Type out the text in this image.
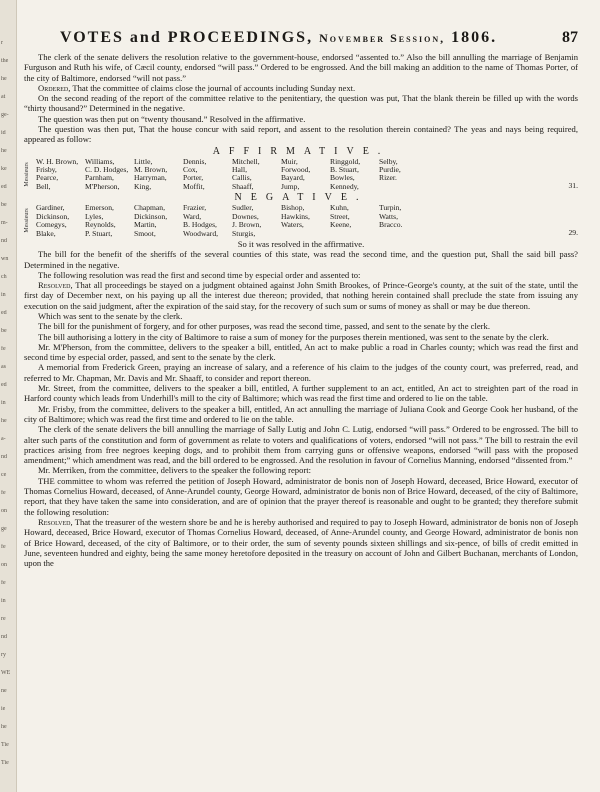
r
the
he
at
ge-
id
he
ke
ed
be
m-
nd
wn
ch
in
ed
be
fe
as
ed
in
he
a-
nd
ce
fe
on
ge
fe
on
fe
in
re
nd
ry
WE
ne
ie
he
Tie
Tie
VOTES and PROCEEDINGS, November Session, 1806.	87

The clerk of the senate delivers the resolution relative to the government-house, endorsed “assented to.” Also the bill annulling the marriage of Benjamin Furguson and Ruth his wife, of Cæcil county, endorsed “will pass.” Ordered to be engrossed. And the bill making an addition to the name of Thomas Porter, of the city of Baltimore, endorsed “will not pass.”

Ordered, That the committee of claims close the journal of accounts including Sunday next.

On the second reading of the report of the committee relative to the penitentiary, the question was put, That the blank therein be filled up with the words “thirty thousand?” Determined in the negative.

The question was then put on “twenty thousand.” Resolved in the affirmative.

The question was then put, That the house concur with said report, and assent to the resolution therein contained? The yeas and nays being required, appeared as follow:

AFFIRMATIVE.
Messieurs
W. H. Brown,
Frisby,
Pearce,
Bell,
Williams,
C. D. Hodges,
Parnham,
M'Pherson,
Little,
M. Brown,
Harryman,
King,
Dennis,
Cox,
Porter,
Moffit,
Mitchell,
Hall,
Callis,
Shaaff,
Muir,
Forwood,
Bayard,
Jump,
Ringgold,
B. Stuart,
Bowles,
Kennedy,
Selby,
Purdie,
Rizer.
31.
NEGATIVE.
Messieurs
Gardiner,
Dickinson,
Comegys,
Blake,
Emerson,
Lyles,
Reynolds,
P. Stuart,
Chapman,
Dickinson,
Martin,
Smoot,
Frazier,
Ward,
B. Hodges,
Woodward,
Sudler,
Downes,
J. Brown,
Sturgis,
Bishop,
Hawkins,
Waters,
Kuhn,
Street,
Keene,
Turpin,
Watts,
Bracco.
29.
So it was resolved in the affirmative.

The bill for the benefit of the sheriffs of the several counties of this state, was read the second time, and the question put, Shall the said bill pass? Determined in the negative.

The following resolution was read the first and second time by especial order and assented to:

Resolved, That all proceedings be stayed on a judgment obtained against John Smith Brookes, of Prince-George's county, at the suit of the state, until the first day of December next, on his paying up all the interest due thereon; provided, that nothing herein contained shall preclude the state from issuing any execution on the said judgment, after the expiration of the said stay, for the recovery of such sum or sums of money as shall or may be due thereon.

Which was sent to the senate by the clerk.

The bill for the punishment of forgery, and for other purposes, was read the second time, passed, and sent to the senate by the clerk.

The bill authorising a lottery in the city of Baltimore to raise a sum of money for the purposes therein mentioned, was sent to the senate by the clerk.

Mr. M'Pherson, from the committee, delivers to the speaker a bill, entitled, An act to make public a road in Charles county; which was read the first and second time by especial order, passed, and sent to the senate by the clerk.

A memorial from Frederick Green, praying an increase of salary, and a reference of his claim to the judges of the county court, was preferred, read, and referred to Mr. Chapman, Mr. Davis and Mr. Shaaff, to consider and report thereon.

Mr. Street, from the committee, delivers to the speaker a bill, entitled, A further supplement to an act, entitled, An act to streighten part of the road in Harford county which leads from Underhill's mill to the city of Baltimore; which was read the first time and ordered to lie on the table.

Mr. Frisby, from the committee, delivers to the speaker a bill, entitled, An act annulling the marriage of Juliana Cook and George Cook her husband, of the city of Baltimore; which was read the first time and ordered to lie on the table.

The clerk of the senate delivers the bill annulling the marriage of Sally Lutig and John C. Lutig, endorsed “will pass.” Ordered to be engrossed. The bill to alter such parts of the constitution and form of government as relate to voters and qualifications of voters, endorsed “will not pass.” The bill to restrain the evil practices arising from free negroes keeping dogs, and to prohibit them from carrying guns or offensive weapons, endorsed “will pass with the proposed amendment;” which amendment was read, and the bill ordered to be engrossed. And the resolution in favour of Cornelius Manning, endorsed “dissented from.”

Mr. Merriken, from the committee, delivers to the speaker the following report:

THE committee to whom was referred the petition of Joseph Howard, administrator de bonis non of Joseph Howard, deceased, Brice Howard, executor of Thomas Cornelius Howard, deceased, of Anne-Arundel county, George Howard, administrator de bonis non of Brice Howard, deceased, of the city of Baltimore, report, that they have taken the same into consideration, and are of opinion that the prayer thereof is reasonable and ought to be granted; they therefore submit the following resolution:

Resolved, That the treasurer of the western shore be and he is hereby authorised and required to pay to Joseph Howard, administrator de bonis non of Joseph Howard, deceased, Brice Howard, executor of Thomas Cornelius Howard, deceased, of Anne-Arundel county, and George Howard, administrator de bonis non of Brice Howard, deceased, of the city of Baltimore, or to their order, the sum of seventy pounds sixteen shillings and six-pence, of bills of credit emitted in June, seventeen hundred and eighty, being the same money heretofore deposited in the treasury on account of John and Gilbert Buchanan, merchants of London, upon the
